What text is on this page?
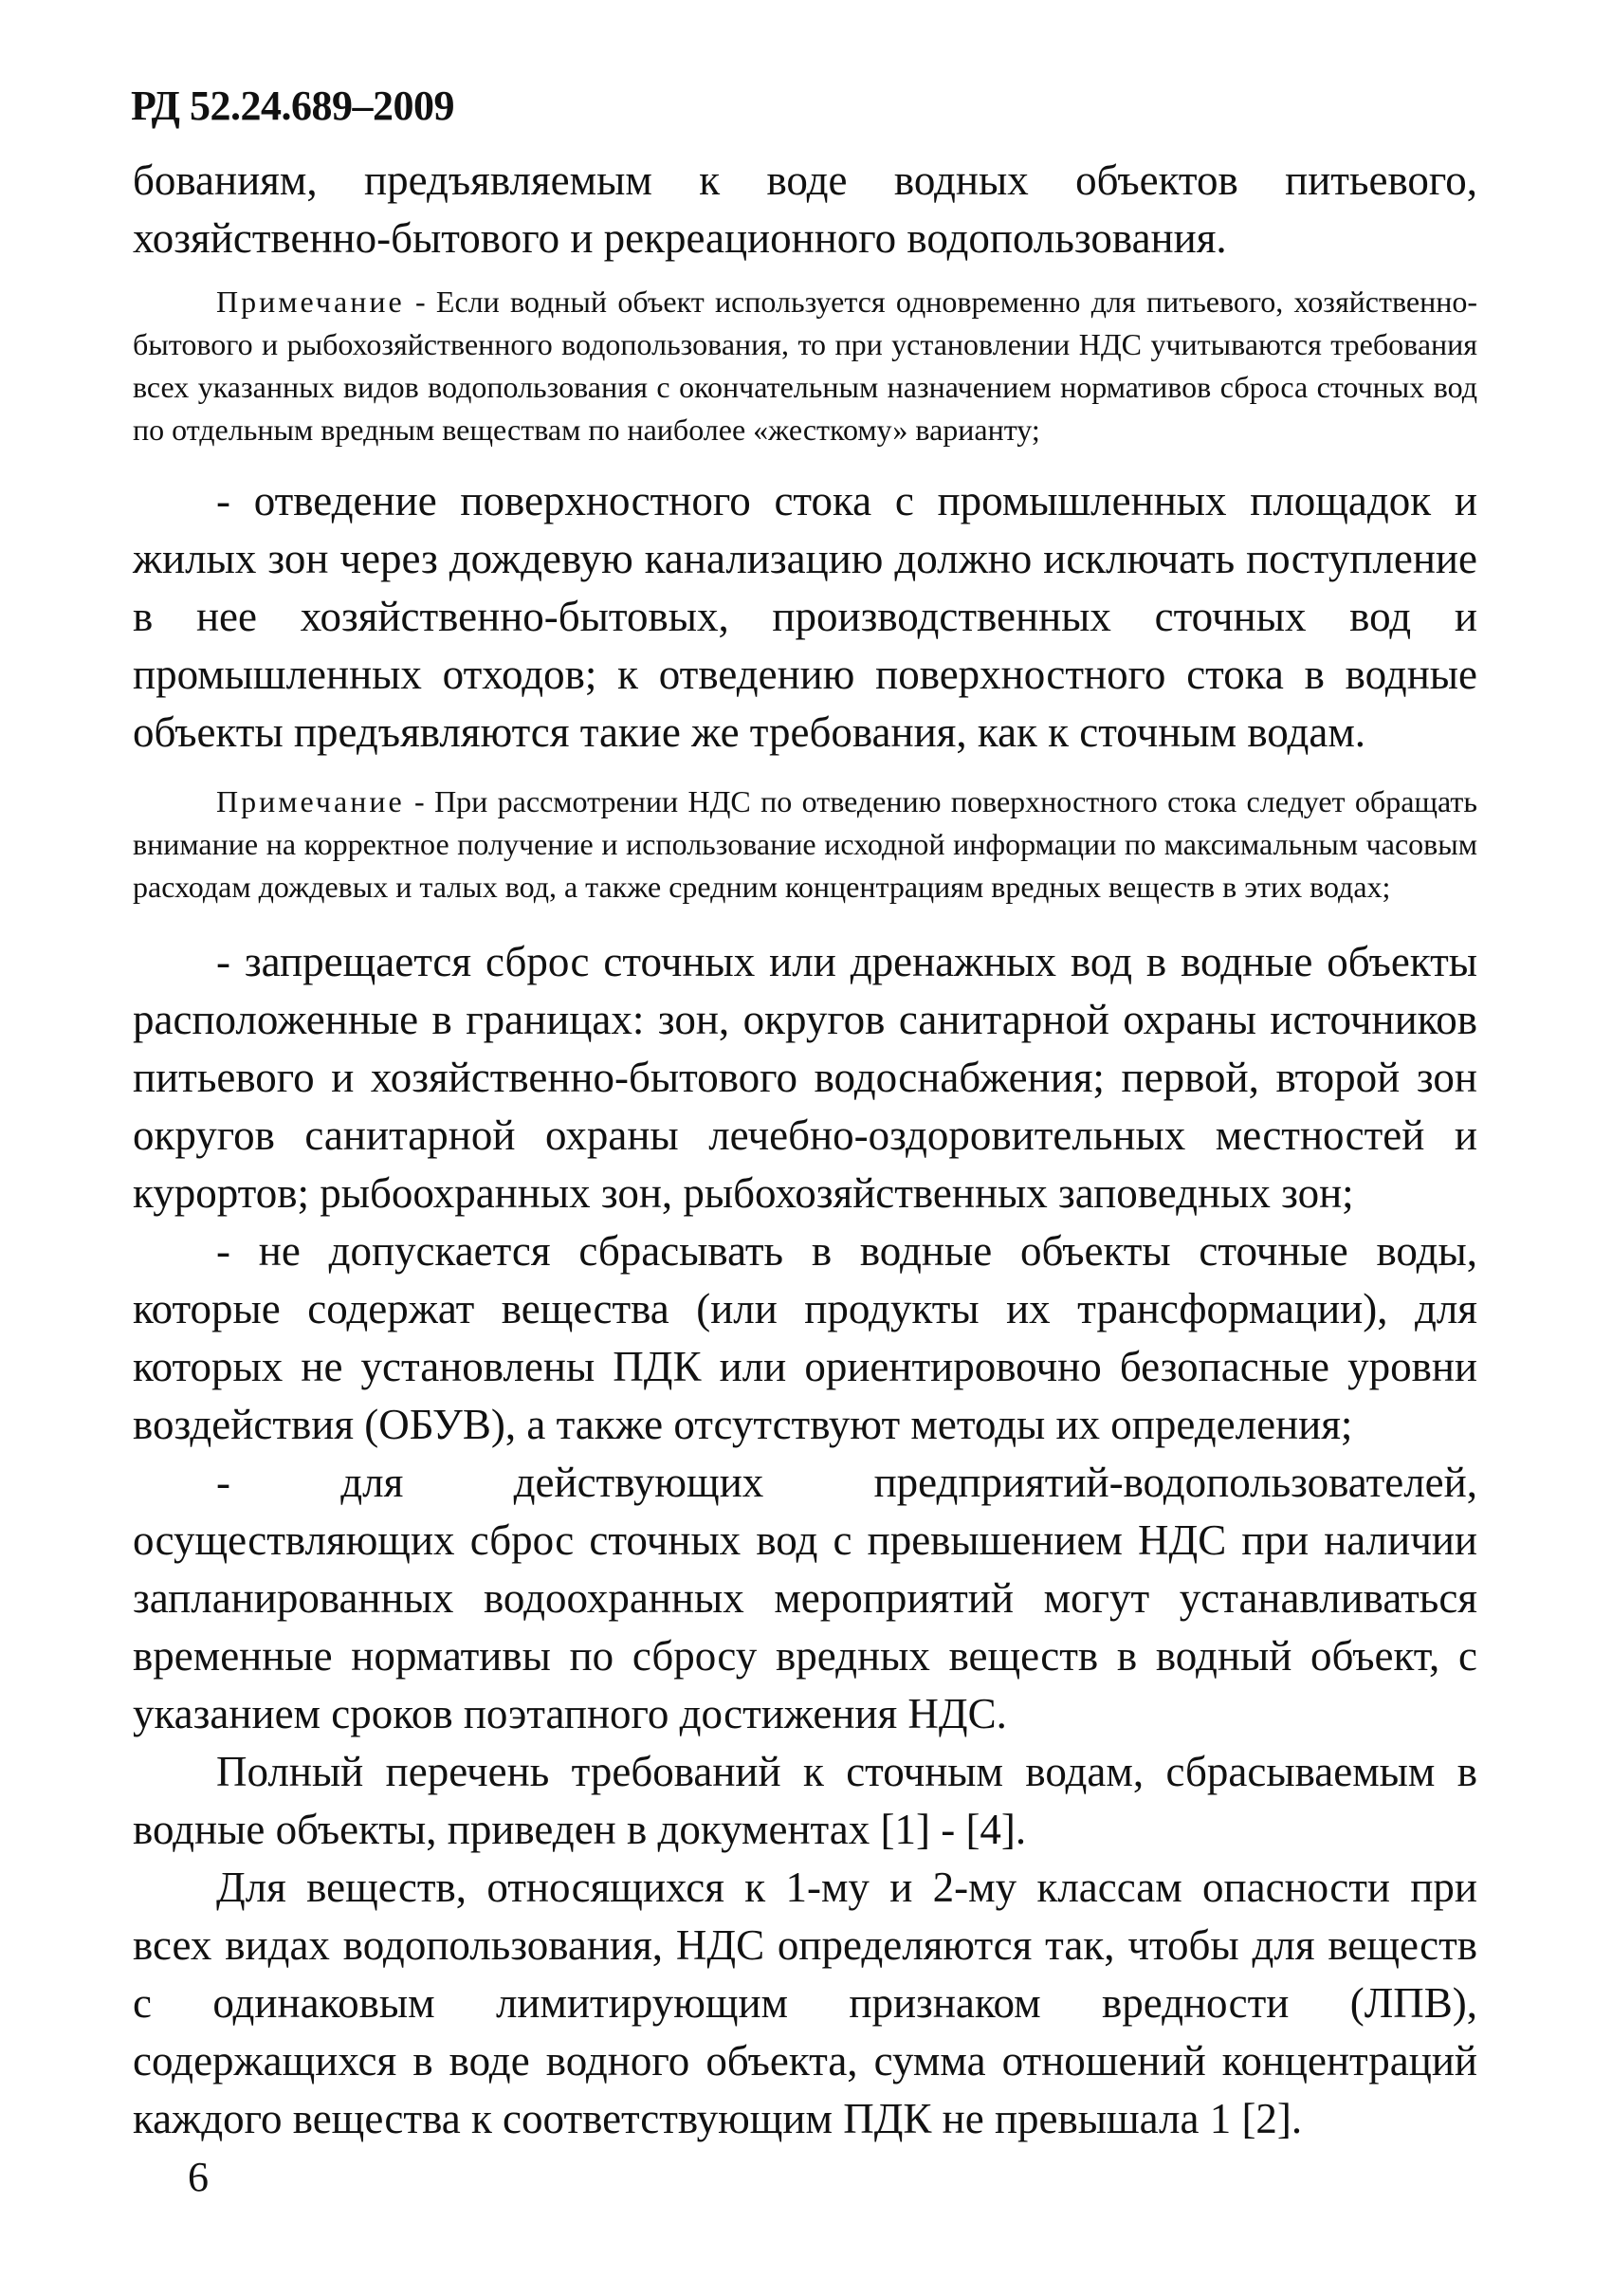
РД 52.24.689–2009

бованиям, предъявляемым к воде водных объектов питьевого, хозяйственно-бытового и рекреационного водопользования.

Примечание - Если водный объект используется одновременно для питьевого, хозяйственно-бытового и рыбохозяйственного водопользования, то при установлении НДС учитываются требования всех указанных видов водопользования с окончательным назначением нормативов сброса сточных вод по отдельным вредным веществам по наиболее «жесткому» варианту;

- отведение поверхностного стока с промышленных площадок и жилых зон через дождевую канализацию должно исключать поступление в нее хозяйственно-бытовых, производственных сточных вод и промышленных отходов; к отведению поверхностного стока в водные объекты предъявляются такие же требования, как к сточным водам.

Примечание - При рассмотрении НДС по отведению поверхностного стока следует обращать внимание на корректное получение и использование исходной информации по максимальным часовым расходам дождевых и талых вод, а также средним концентрациям вредных веществ в этих водах;

- запрещается сброс сточных или дренажных вод в водные объекты расположенные в границах: зон, округов санитарной охраны источников питьевого и хозяйственно-бытового водоснабжения; первой, второй зон округов санитарной охраны лечебно-оздоровительных местностей и курортов; рыбоохранных зон, рыбохозяйственных заповедных зон;

- не допускается сбрасывать в водные объекты сточные воды, которые содержат вещества (или продукты их трансформации), для которых не установлены ПДК или ориентировочно безопасные уровни воздействия (ОБУВ), а также отсутствуют методы их определения;

- для действующих предприятий-водопользователей, осуществляющих сброс сточных вод с превышением НДС при наличии запланированных водоохранных мероприятий могут устанавливаться временные нормативы по сбросу вредных веществ в водный объект, с указанием сроков поэтапного достижения НДС.

Полный перечень требований к сточным водам, сбрасываемым в водные объекты, приведен в документах [1] - [4].

Для веществ, относящихся к 1-му и 2-му классам опасности при всех видах водопользования, НДС определяются так, чтобы для веществ с одинаковым лимитирующим признаком вредности (ЛПВ), содержащихся в воде водного объекта, сумма отношений концентраций каждого вещества к соответствующим ПДК не превышала 1 [2].

6
